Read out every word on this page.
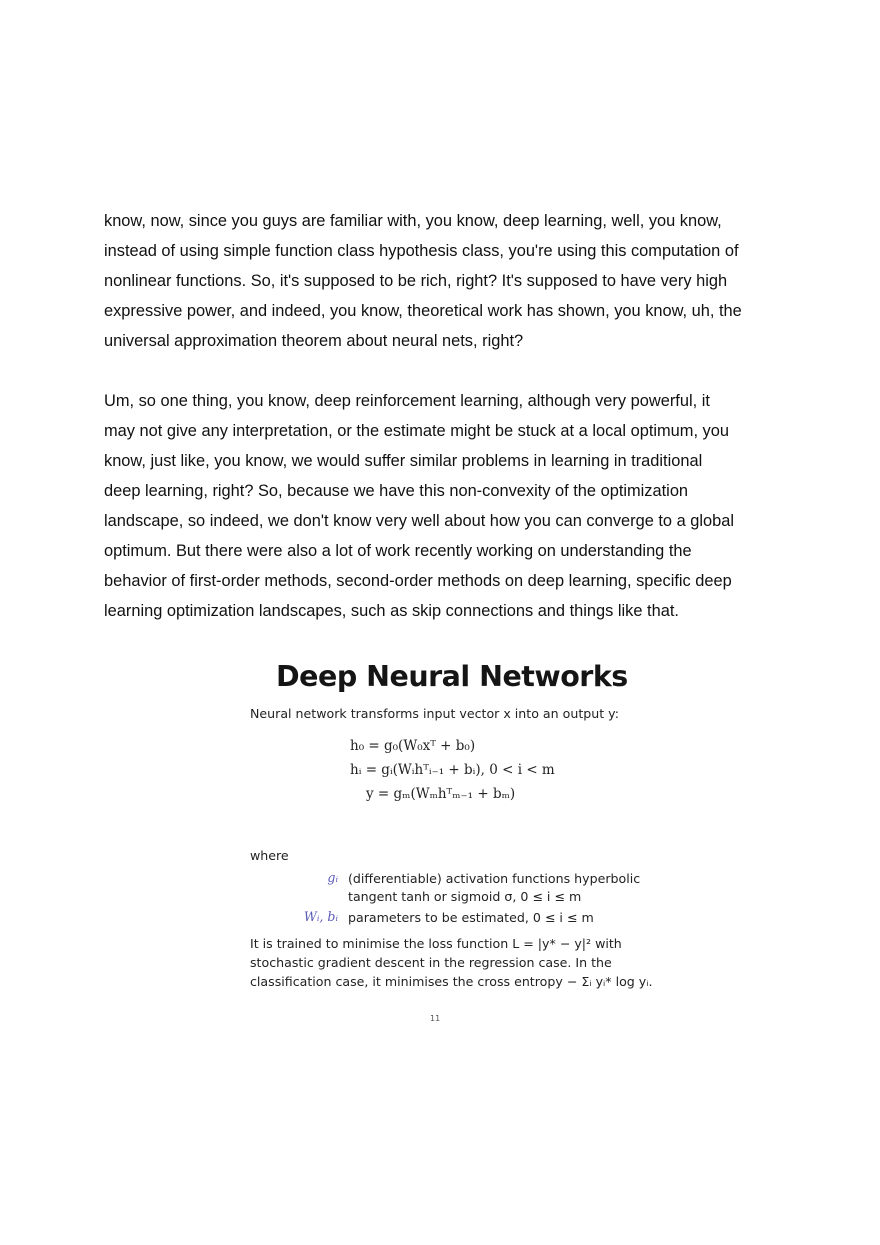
know, now, since you guys are familiar with, you know, deep learning, well, you know,
instead of using simple function class hypothesis class, you're using this computation of
nonlinear functions. So, it's supposed to be rich, right? It's supposed to have very high
expressive power, and indeed, you know, theoretical work has shown, you know, uh, the
universal approximation theorem about neural nets, right?

Um, so one thing, you know, deep reinforcement learning, although very powerful, it
may not give any interpretation, or the estimate might be stuck at a local optimum, you
know, just like, you know, we would suffer similar problems in learning in traditional
deep learning, right? So, because we have this non-convexity of the optimization
landscape, so indeed, we don't know very well about how you can converge to a global
optimum. But there were also a lot of work recently working on understanding the
behavior of first-order methods, second-order methods on deep learning, specific deep
learning optimization landscapes, such as skip connections and things like that.

Deep Neural Networks
Neural network transforms input vector x into an output y:
h₀ = g₀(W₀xᵀ + b₀)
hᵢ = gᵢ(Wᵢhᵀᵢ₋₁ + bᵢ), 0 < i < m
y = gₘ(Wₘhᵀₘ₋₁ + bₘ)
where
gᵢ (differentiable) activation functions hyperbolic
tangent tanh or sigmoid σ, 0 ≤ i ≤ m
Wᵢ, bᵢ parameters to be estimated, 0 ≤ i ≤ m
It is trained to minimise the loss function L = |y* − y|² with
stochastic gradient descent in the regression case. In the
classification case, it minimises the cross entropy − Σᵢ yᵢ* log yᵢ.
11
